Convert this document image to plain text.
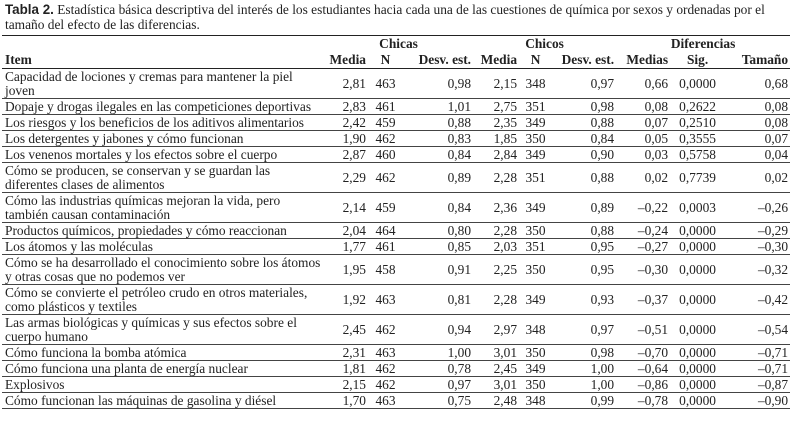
Tabla 2. Estadística básica descriptiva del interés de los estudiantes hacia cada una de las cuestiones de química por sexos y ordenadas por el tamaño del efecto de las diferencias.
	Chicas			Chicos			Diferencias		
Item	Media	N	Desv. est.	Media	N	Desv. est.	Medias	Sig.	Tamaño
Capacidad de lociones y cremas para mantener la piel joven	2,81	463	0,98	2,15	348	0,97	0,66	0,0000	0,68
Dopaje y drogas ilegales en las competiciones deportivas	2,83	461	1,01	2,75	351	0,98	0,08	0,2622	0,08
Los riesgos y los beneficios de los aditivos alimentarios	2,42	459	0,88	2,35	349	0,88	0,07	0,2510	0,08
Los detergentes y jabones y cómo funcionan	1,90	462	0,83	1,85	350	0,84	0,05	0,3555	0,07
Los venenos mortales y los efectos sobre el cuerpo	2,87	460	0,84	2,84	349	0,90	0,03	0,5758	0,04
Cómo se producen, se conservan y se guardan las diferentes clases de alimentos	2,29	462	0,89	2,28	351	0,88	0,02	0,7739	0,02
Cómo las industrias químicas mejoran la vida, pero también causan contaminación	2,14	459	0,84	2,36	349	0,89	–0,22	0,0003	–0,26
Productos químicos, propiedades y cómo reaccionan	2,04	464	0,80	2,28	350	0,88	–0,24	0,0000	–0,29
Los átomos y las moléculas	1,77	461	0,85	2,03	351	0,95	–0,27	0,0000	–0,30
Cómo se ha desarrollado el conocimiento sobre los átomos y otras cosas que no podemos ver	1,95	458	0,91	2,25	350	0,95	–0,30	0,0000	–0,32
Cómo se convierte el petróleo crudo en otros materiales, como plásticos y textiles	1,92	463	0,81	2,28	349	0,93	–0,37	0,0000	–0,42
Las armas biológicas y químicas y sus efectos sobre el cuerpo humano	2,45	462	0,94	2,97	348	0,97	–0,51	0,0000	–0,54
Cómo funciona la bomba atómica	2,31	463	1,00	3,01	350	0,98	–0,70	0,0000	–0,71
Cómo funciona una planta de energía nuclear	1,81	462	0,78	2,45	349	1,00	–0,64	0,0000	–0,71
Explosivos	2,15	462	0,97	3,01	350	1,00	–0,86	0,0000	–0,87
Cómo funcionan las máquinas de gasolina y diésel	1,70	463	0,75	2,48	348	0,99	–0,78	0,0000	–0,90
